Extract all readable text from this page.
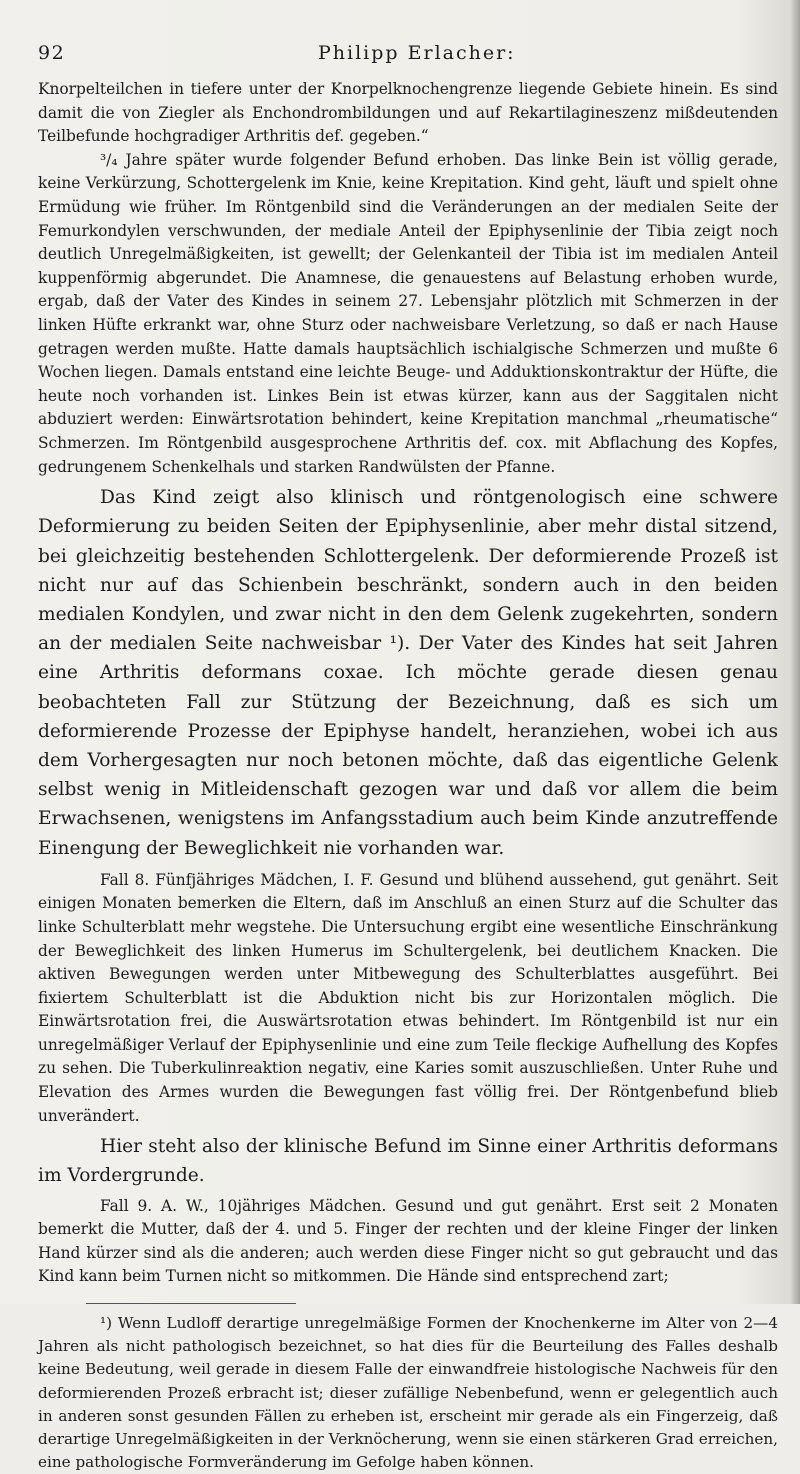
92	Philipp Erlacher:

Knorpelteilchen in tiefere unter der Knorpelknochengrenze liegende Gebiete hinein. Es sind damit die von Ziegler als Enchondrombildungen und auf Rekartilagineszenz mißdeutenden Teilbefunde hochgradiger Arthritis def. gegeben.“

³/₄ Jahre später wurde folgender Befund erhoben. Das linke Bein ist völlig gerade, keine Verkürzung, Schottergelenk im Knie, keine Krepitation. Kind geht, läuft und spielt ohne Ermüdung wie früher. Im Röntgenbild sind die Veränderungen an der medialen Seite der Femurkondylen verschwunden, der mediale Anteil der Epiphysenlinie der Tibia zeigt noch deutlich Unregelmäßigkeiten, ist gewellt; der Gelenkanteil der Tibia ist im medialen Anteil kuppenförmig abgerundet. Die Anamnese, die genauestens auf Belastung erhoben wurde, ergab, daß der Vater des Kindes in seinem 27. Lebensjahr plötzlich mit Schmerzen in der linken Hüfte erkrankt war, ohne Sturz oder nachweisbare Verletzung, so daß er nach Hause getragen werden mußte. Hatte damals hauptsächlich ischialgische Schmerzen und mußte 6 Wochen liegen. Damals entstand eine leichte Beuge- und Adduktionskontraktur der Hüfte, die heute noch vorhanden ist. Linkes Bein ist etwas kürzer, kann aus der Saggitalen nicht abduziert werden: Einwärtsrotation behindert, keine Krepitation manchmal „rheumatische“ Schmerzen. Im Röntgenbild ausgesprochene Arthritis def. cox. mit Abflachung des Kopfes, gedrungenem Schenkelhals und starken Randwülsten der Pfanne.

Das Kind zeigt also klinisch und röntgenologisch eine schwere Deformierung zu beiden Seiten der Epiphysenlinie, aber mehr distal sitzend, bei gleichzeitig bestehenden Schlottergelenk. Der deformierende Prozeß ist nicht nur auf das Schienbein beschränkt, sondern auch in den beiden medialen Kondylen, und zwar nicht in den dem Gelenk zugekehrten, sondern an der medialen Seite nachweisbar ¹). Der Vater des Kindes hat seit Jahren eine Arthritis deformans coxae. Ich möchte gerade diesen genau beobachteten Fall zur Stützung der Bezeichnung, daß es sich um deformierende Prozesse der Epiphyse handelt, heranziehen, wobei ich aus dem Vorhergesagten nur noch betonen möchte, daß das eigentliche Gelenk selbst wenig in Mitleidenschaft gezogen war und daß vor allem die beim Erwachsenen, wenigstens im Anfangsstadium auch beim Kinde anzutreffende Einengung der Beweglichkeit nie vorhanden war.

Fall 8. Fünfjähriges Mädchen, I. F. Gesund und blühend aussehend, gut genährt. Seit einigen Monaten bemerken die Eltern, daß im Anschluß an einen Sturz auf die Schulter das linke Schulterblatt mehr wegstehe. Die Untersuchung ergibt eine wesentliche Einschränkung der Beweglichkeit des linken Humerus im Schultergelenk, bei deutlichem Knacken. Die aktiven Bewegungen werden unter Mitbewegung des Schulterblattes ausgeführt. Bei fixiertem Schulterblatt ist die Abduktion nicht bis zur Horizontalen möglich. Die Einwärtsrotation frei, die Auswärtsrotation etwas behindert. Im Röntgenbild ist nur ein unregelmäßiger Verlauf der Epiphysenlinie und eine zum Teile fleckige Aufhellung des Kopfes zu sehen. Die Tuberkulinreaktion negativ, eine Karies somit auszuschließen. Unter Ruhe und Elevation des Armes wurden die Bewegungen fast völlig frei. Der Röntgenbefund blieb unverändert.

Hier steht also der klinische Befund im Sinne einer Arthritis deformans im Vordergrunde.

Fall 9. A. W., 10jähriges Mädchen. Gesund und gut genährt. Erst seit 2 Monaten bemerkt die Mutter, daß der 4. und 5. Finger der rechten und der kleine Finger der linken Hand kürzer sind als die anderen; auch werden diese Finger nicht so gut gebraucht und das Kind kann beim Turnen nicht so mitkommen. Die Hände sind entsprechend zart;

¹) Wenn Ludloff derartige unregelmäßige Formen der Knochenkerne im Alter von 2—4 Jahren als nicht pathologisch bezeichnet, so hat dies für die Beurteilung des Falles deshalb keine Bedeutung, weil gerade in diesem Falle der einwandfreie histologische Nachweis für den deformierenden Prozeß erbracht ist; dieser zufällige Nebenbefund, wenn er gelegentlich auch in anderen sonst gesunden Fällen zu erheben ist, erscheint mir gerade als ein Fingerzeig, daß derartige Unregelmäßigkeiten in der Verknöcherung, wenn sie einen stärkeren Grad erreichen, eine pathologische Formveränderung im Gefolge haben können.
